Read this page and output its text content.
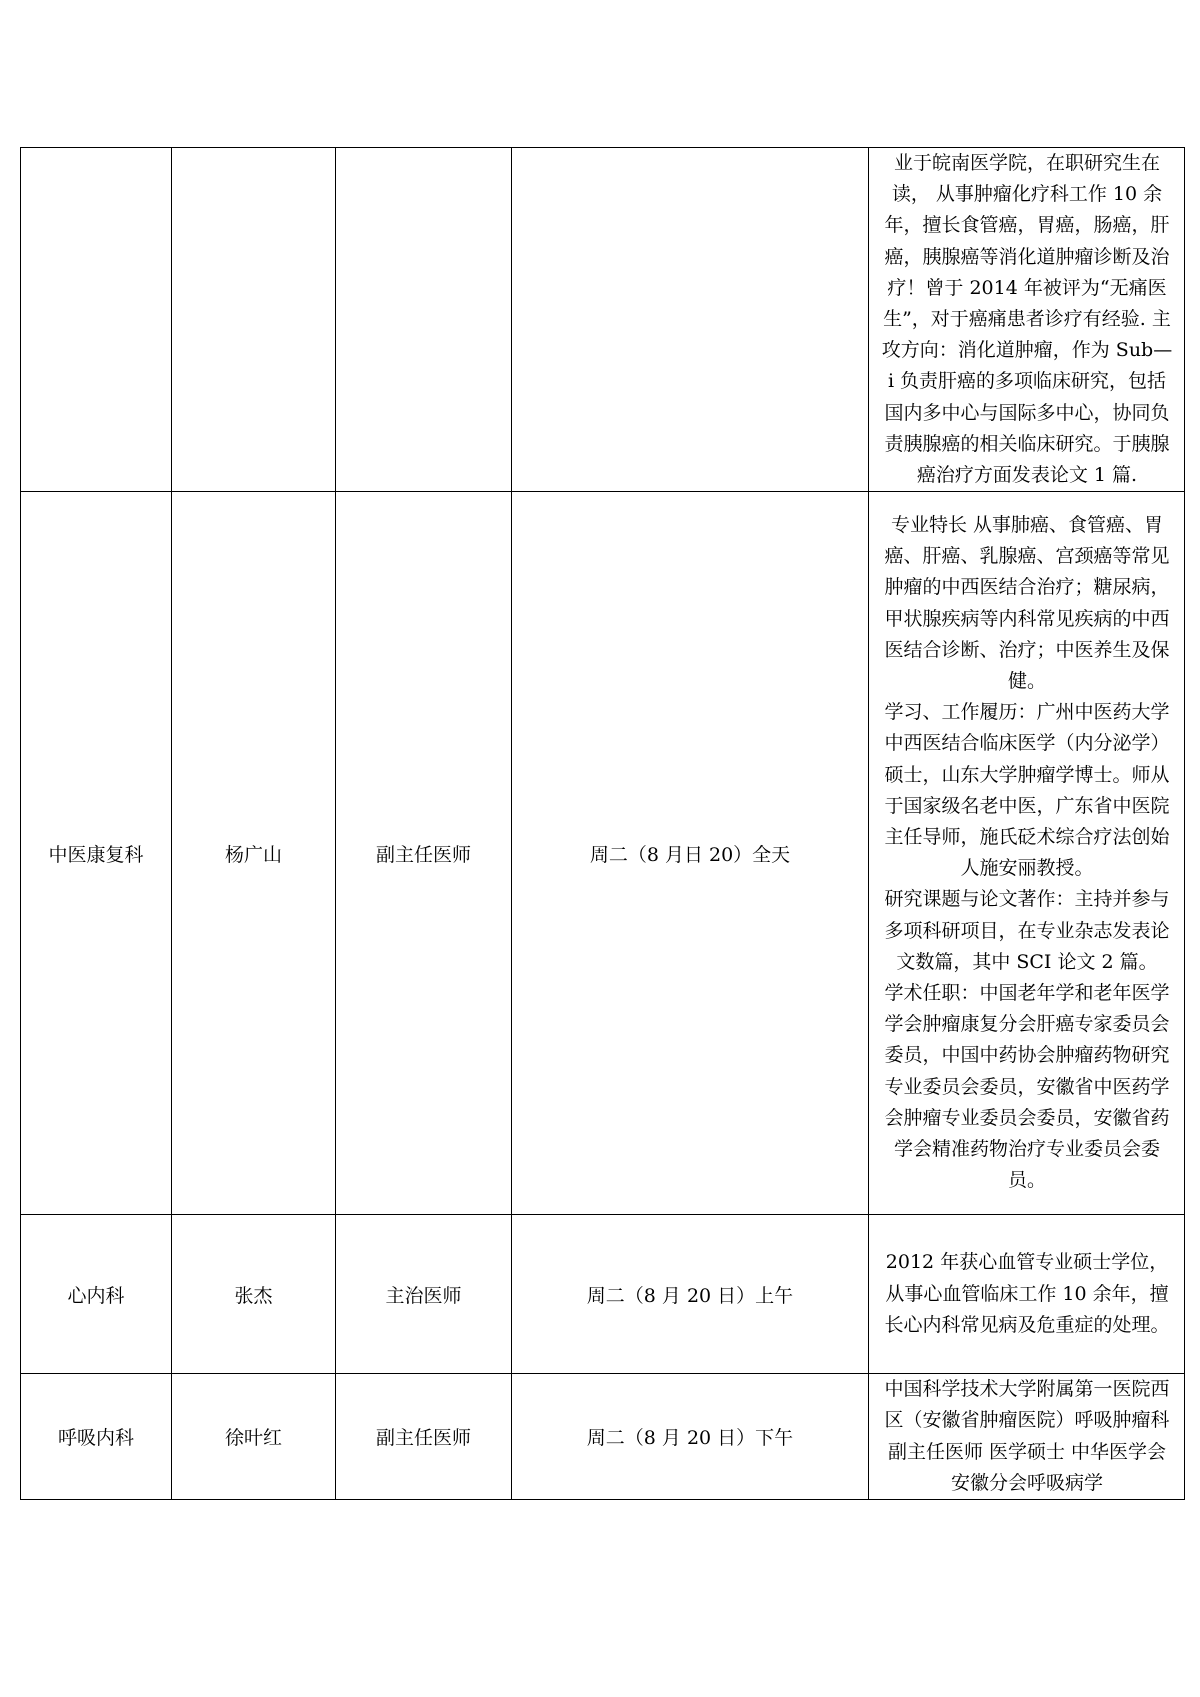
				业于皖南医学院，在职研究生在读， 从事肿瘤化疗科工作 10 余年，擅长食管癌，胃癌，肠癌，肝癌，胰腺癌等消化道肿瘤诊断及治疗！曾于 2014 年被评为“无痛医生”，对于癌痛患者诊疗有经验. 主攻方向：消化道肿瘤，作为 Sub—i 负责肝癌的多项临床研究，包括国内多中心与国际多中心，协同负责胰腺癌的相关临床研究。于胰腺癌治疗方面发表论文 1 篇.

中医康复科	杨广山	副主任医师	周二（8 月日 20）全天	专业特长 从事肺癌、食管癌、胃癌、肝癌、乳腺癌、宫颈癌等常见肿瘤的中西医结合治疗；糖尿病，甲状腺疾病等内科常见疾病的中西医结合诊断、治疗；中医养生及保健。

学习、工作履历：广州中医药大学中西医结合临床医学（内分泌学）硕士，山东大学肿瘤学博士。师从于国家级名老中医，广东省中医院主任导师，施氏砭术综合疗法创始人施安丽教授。

研究课题与论文著作：主持并参与多项科研项目，在专业杂志发表论文数篇，其中 SCI 论文 2 篇。

学术任职：中国老年学和老年医学学会肿瘤康复分会肝癌专家委员会委员，中国中药协会肿瘤药物研究专业委员会委员，安徽省中医药学会肿瘤专业委员会委员，安徽省药学会精准药物治疗专业委员会委员。

心内科	张杰	主治医师	周二（8 月 20 日）上午	2012 年获心血管专业硕士学位，从事心血管临床工作 10 余年，擅长心内科常见病及危重症的处理。

呼吸内科	徐叶红	副主任医师	周二（8 月 20 日）下午	中国科学技术大学附属第一医院西区（安徽省肿瘤医院）呼吸肿瘤科 副主任医师 医学硕士 中华医学会安徽分会呼吸病学
